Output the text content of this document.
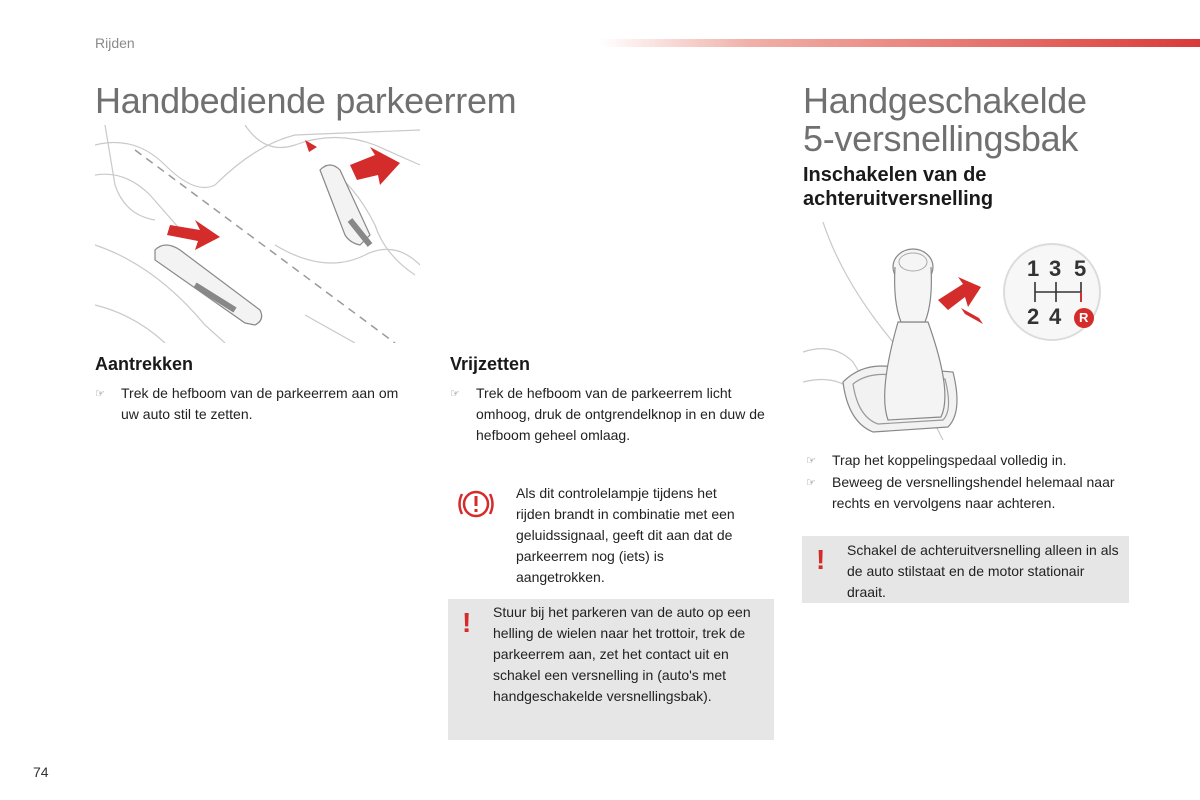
Rijden
Handbediende parkeerrem
Aantrekken
☞	Trek de hefboom van de parkeerrem aan om uw auto stil te zetten.
Vrijzetten
☞	Trek de hefboom van de parkeerrem licht omhoog, druk de ontgrendelknop in en duw de hefboom geheel omlaag.
Als dit controlelampje tijdens het rijden brandt in combinatie met een geluidssignaal, geeft dit aan dat de parkeerrem nog (iets) is aangetrokken.
! Stuur bij het parkeren van de auto op een helling de wielen naar het trottoir, trek de parkeerrem aan, zet het contact uit en schakel een versnelling in (auto's met handgeschakelde versnellingsbak).
Handgeschakelde
5-versnellingsbak
Inschakelen van de
achteruitversnelling
1 3 5
2 4 R
☞	Trap het koppelingspedaal volledig in.
☞	Beweeg de versnellingshendel helemaal naar rechts en vervolgens naar achteren.
! Schakel de achteruitversnelling alleen in als de auto stilstaat en de motor stationair draait.
74
